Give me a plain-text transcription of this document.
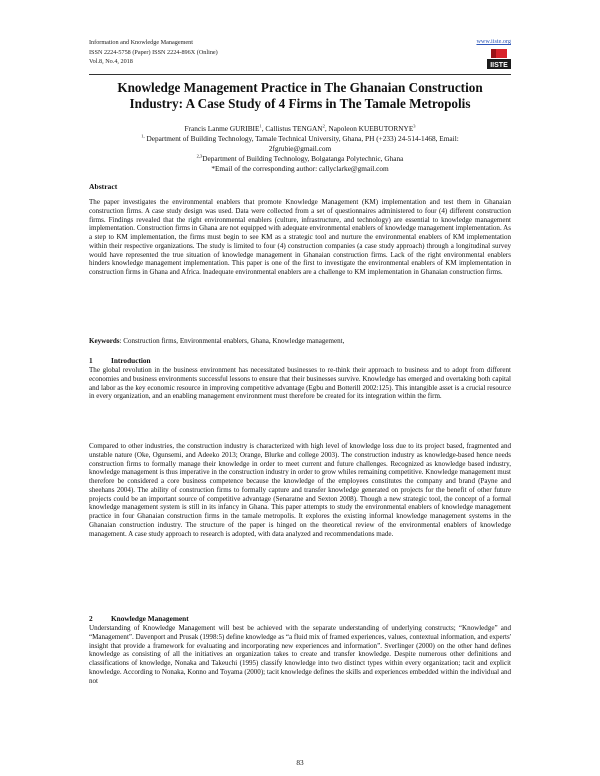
Information and Knowledge Management
ISSN 2224-5758 (Paper) ISSN 2224-896X (Online)
Vol.8, No.4, 2018
www.iiste.org
IISTE
Knowledge Management Practice in The Ghanaian Construction
Industry: A Case Study of 4 Firms in The Tamale Metropolis
Francis Lanme GURIBIE$^1$, Callistus TENGAN$^2$, Napoleon KUEBUTORNYE$^3$
$^{1,}$ Department of Building Technology, Tamale Technical University, Ghana, PH (+233) 24-514-1468, Email:
2fgrubie@gmail.com
$^{2,3}$Department of Building Technology, Bolgatanga Polytechnic, Ghana
*Email of the corresponding author: callyclarke@gmail.com
Abstract

The paper investigates the environmental enablers that promote Knowledge Management (KM) implementation and test them in Ghanaian construction firms. A case study design was used. Data were collected from a set of questionnaires administered to four (4) different construction firms. Findings revealed that the right environmental enablers (culture, infrastructure, and technology) are essential to knowledge management implementation. Construction firms in Ghana are not equipped with adequate environmental enablers of knowledge management implementation. As a step to KM implementation, the firms must begin to see KM as a strategic tool and nurture the environmental enablers of KM implementation within their respective organizations. The study is limited to four (4) construction companies (a case study approach) through a longitudinal survey would have represented the true situation of knowledge management in Ghanaian construction firms. Lack of the right environmental enablers hinders knowledge management implementation. This paper is one of the first to investigate the environmental enablers of KM implementation in construction firms in Ghana and Africa. Inadequate environmental enablers are a challenge to KM implementation in Ghanaian construction firms.

Keywords: Construction firms, Environmental enablers, Ghana, Knowledge management,

1	Introduction

The global revolution in the business environment has necessitated businesses to re-think their approach to business and to adopt from different economies and business environments successful lessons to ensure that their businesses survive. Knowledge has emerged and overtaking both capital and labor as the key economic resource in improving competitive advantage (Egbu and Botterill 2002:125). This intangible asset is a crucial resource in every organization, and an enabling management environment must therefore be created for its integration within the firm.

Compared to other industries, the construction industry is characterized with high level of knowledge loss due to its project based, fragmented and unstable nature (Oke, Ogunsemi, and Adeeko 2013; Orange, Blurke and college 2003). The construction industry as knowledge-based hence needs construction firms to formally manage their knowledge in order to meet current and future challenges. Recognized as knowledge based industry, knowledge management is thus imperative in the construction industry in order to grow whiles remaining competitive. Knowledge management must therefore be considered a core business competence because the knowledge of the employees constitutes the company and brand (Payne and sheehans 2004). The ability of construction firms to formally capture and transfer knowledge generated on projects for the benefit of other future projects could be an important source of competitive advantage (Senaratne and Sexton 2008). Though a new strategic tool, the concept of a formal knowledge management system is still in its infancy in Ghana. This paper attempts to study the environmental enablers of knowledge management practice in four Ghanaian construction firms in the tamale metropolis. It explores the existing informal knowledge management systems in the Ghanaian construction industry. The structure of the paper is hinged on the theoretical review of the environmental enablers of knowledge management. A case study approach to research is adopted, with data analyzed and recommendations made.

2	Knowledge Management

Understanding of Knowledge Management will best be achieved with the separate understanding of underlying constructs; “Knowledge” and “Management”. Davenport and Prusak (1998:5) define knowledge as “a fluid mix of framed experiences, values, contextual information, and experts' insight that provide a framework for evaluating and incorporating new experiences and information”. Sverlinger (2000) on the other hand defines knowledge as consisting of all the initiatives an organization takes to create and transfer knowledge. Despite numerous other definitions and classifications of knowledge, Nonaka and Takeuchi (1995) classify knowledge into two distinct types within every organization; tacit and explicit knowledge. According to Nonaka, Konno and Toyama (2000); tacit knowledge defines the skills and experiences embedded within the individual and not

83
